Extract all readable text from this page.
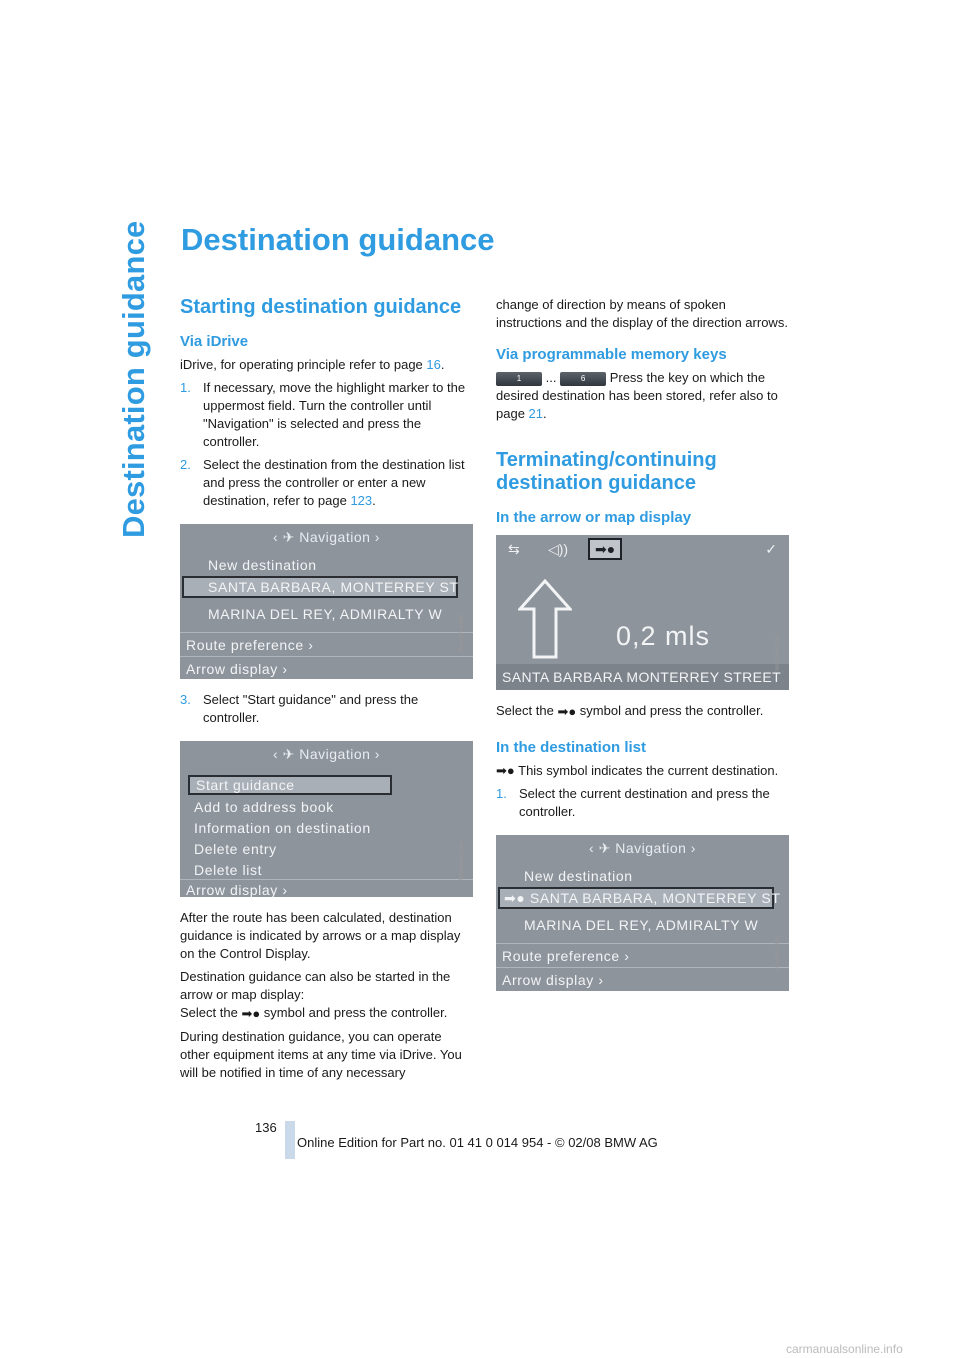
Destination guidance Destination guidance
Starting destination guidance
Via iDrive

iDrive, for operating principle refer to page 16.

1. If necessary, move the highlight marker to the uppermost field. Turn the controller until "Navigation" is selected and press the controller.
2. Select the destination from the destination list and press the controller or enter a new destination, refer to page 123.
‹ ✈ Navigation ›
New destination
SANTA BARBARA, MONTERREY ST
MARINA DEL REY, ADMIRALTY W
Route preference ›
Arrow display ›
MA10840CMA
3. Select "Start guidance" and press the controller.
‹ ✈ Navigation ›
Start guidance
Add to address book
Information on destination
Delete entry
Delete list
Arrow display ›
MA0843ECMA

After the route has been calculated, destination guidance is indicated by arrows or a map display on the Control Display.

Destination guidance can also be started in the arrow or map display:
Select the ➡● symbol and press the controller.

During destination guidance, you can operate other equipment items at any time via iDrive. You will be notified in time of any necessary

change of direction by means of spoken instructions and the display of the direction arrows.

Via programmable memory keys

1 ...	6 Press the key on which the desired destination has been stored, refer also to page 21.

Terminating/continuing destination guidance
In the arrow or map display
⇆ ◁))	➡●	✓
0,2 mls
SANTA BARBARA MONTERREY STREET
MA2853CMA

Select the ➡● symbol and press the controller.

In the destination list

➡● This symbol indicates the current destination.

1. Select the current destination and press the controller.
‹ ✈ Navigation ›
New destination
➡● SANTA BARBARA, MONTERREY ST
MARINA DEL REY, ADMIRALTY W
Route preference ›
Arrow display ›
MA2854CMA
136
Online Edition for Part no. 01 41 0 014 954 - © 02/08 BMW AG
carmanualsonline.info
